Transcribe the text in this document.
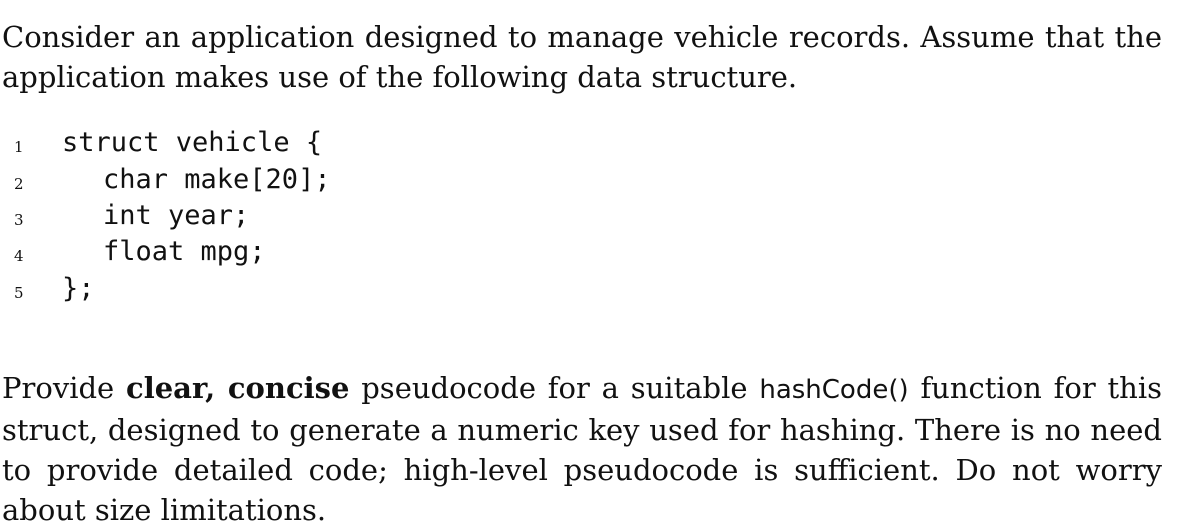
Consider an application designed to manage vehicle records. Assume that the application makes use of the following data structure.

1 struct vehicle {
2	char make[20];
3	int year;
4	float mpg;
5 };

Provide clear, concise pseudocode for a suitable hashCode() function for this struct, designed to generate a numeric key used for hashing. There is no need to provide detailed code; high-level pseudocode is sufficient. Do not worry about size limitations.
